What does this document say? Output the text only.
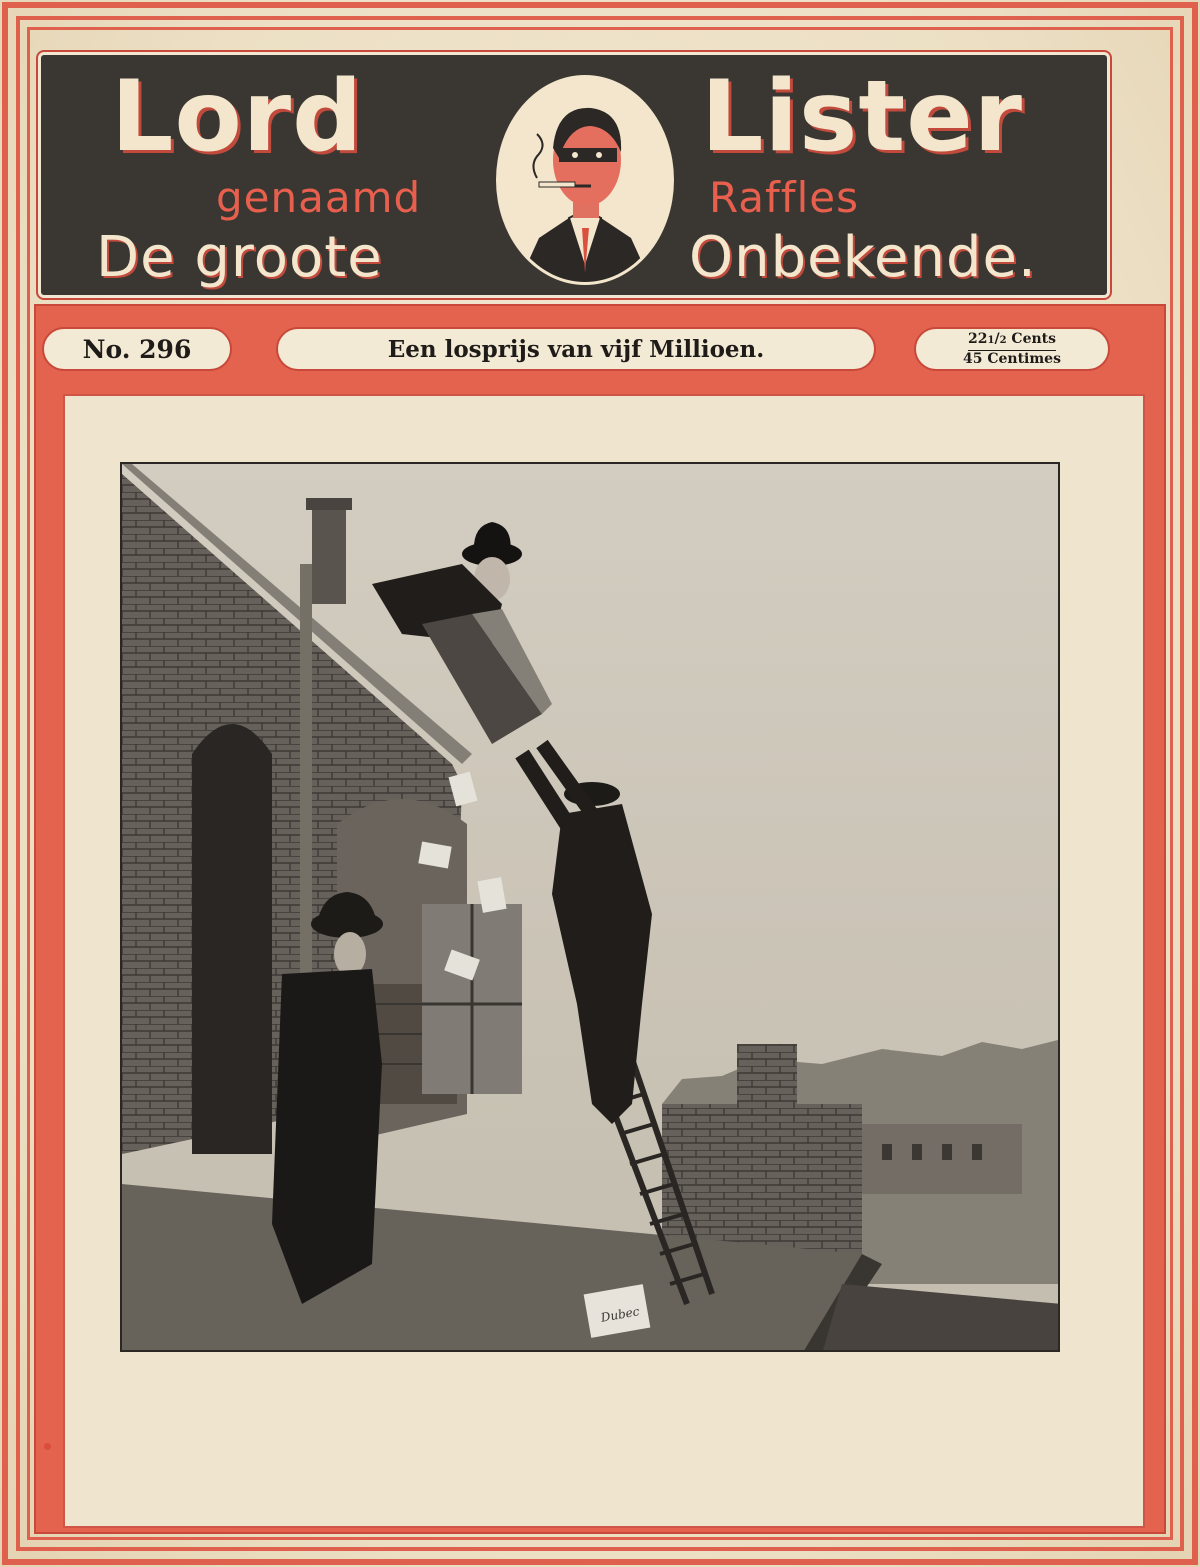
Lord	Lister
genaamd	Raffles
De groote	Onbekende.
No. 296	Een losprijs van vijf Millioen.	22 1 / 2
Cents
45 Centimes
Dubec
